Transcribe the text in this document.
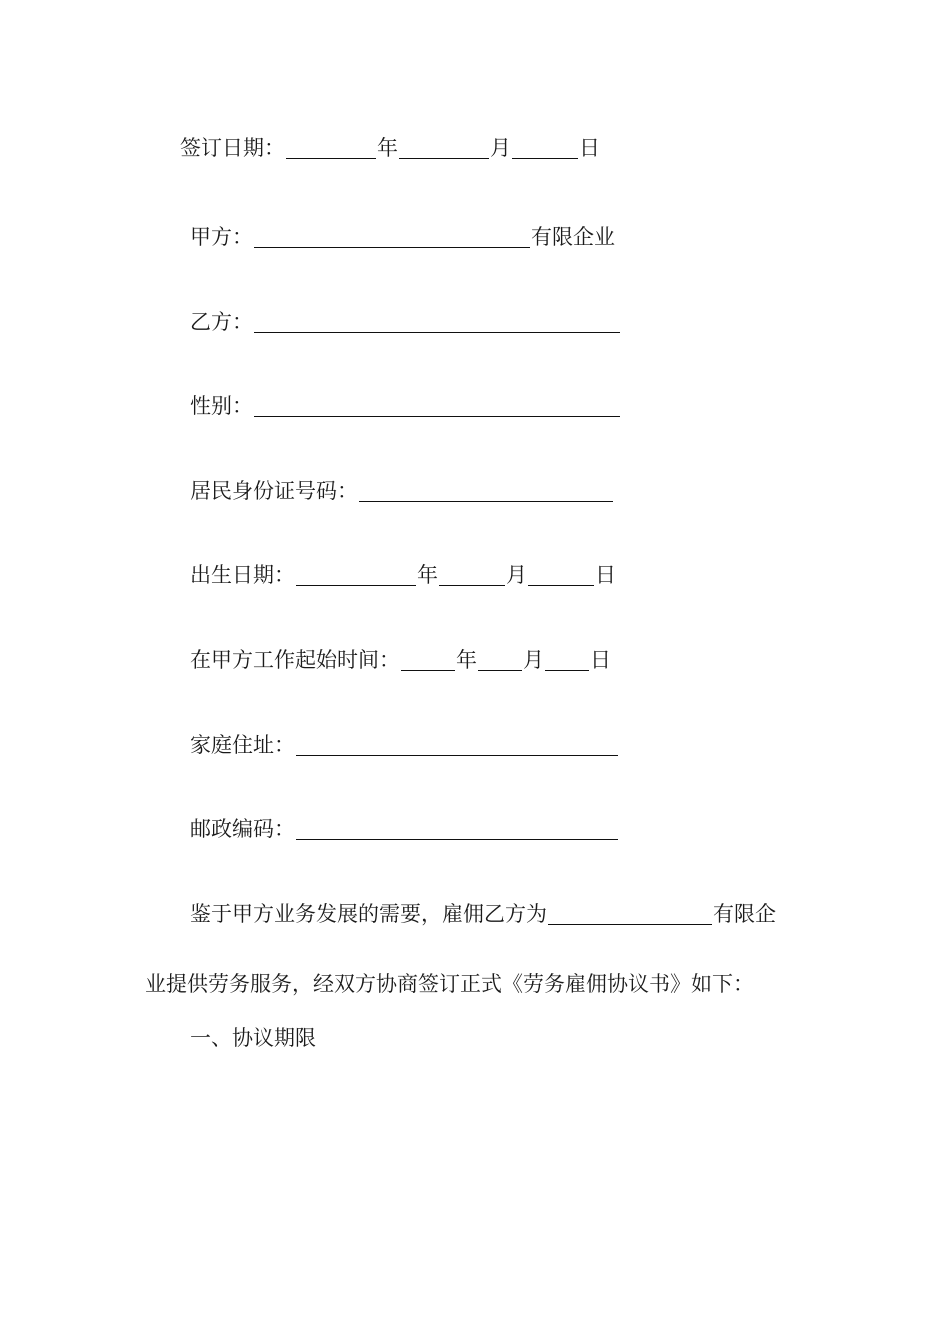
签订日期：	年	月	日
甲方：	有限企业
乙方：
性别：
居民身份证号码：
出生日期：	年	月	日
在甲方工作起始时间：	年 月 日
家庭住址：
邮政编码：
鉴于甲方业务发展的需要，雇佣乙方为	有限企
业提供劳务服务，经双方协商签订正式《劳务雇佣协议书》如下：
一、协议期限
